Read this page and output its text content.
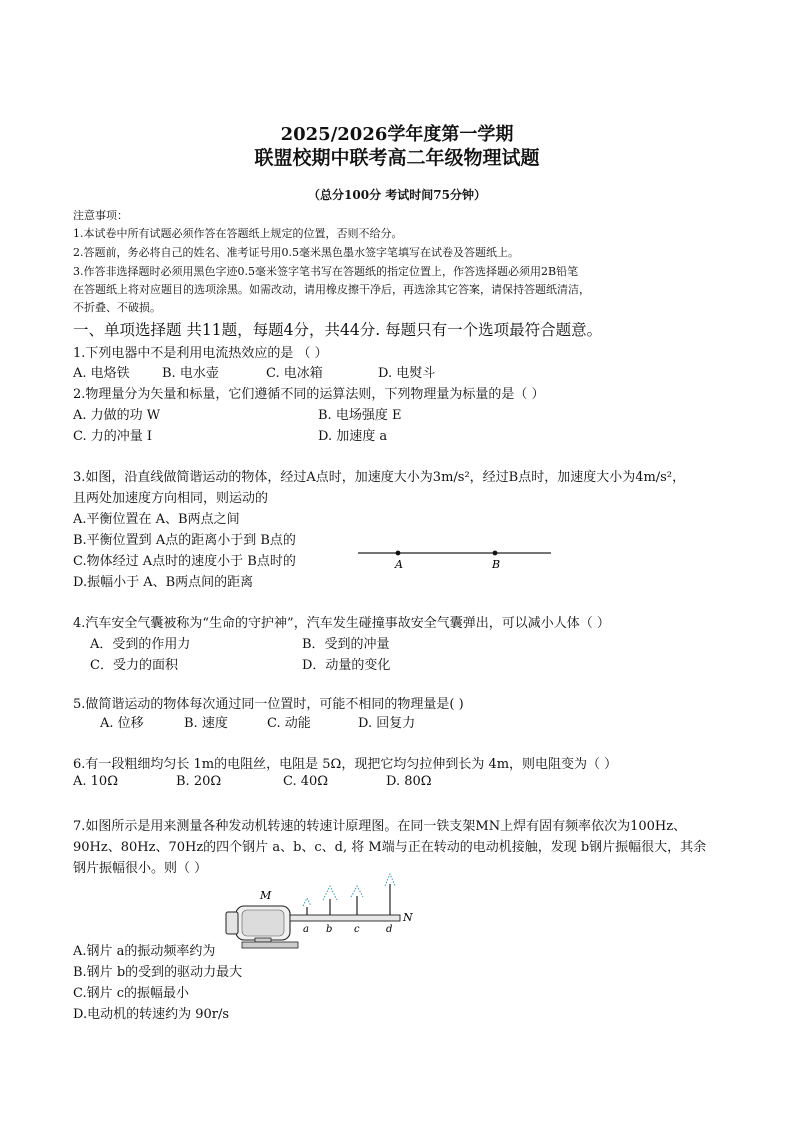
2025/2026学年度第一学期
联盟校期中联考高二年级物理试题
（总分100分 考试时间75分钟）
注意事项：
1.本试卷中所有试题必须作答在答题纸上规定的位置，否则不给分。
2.答题前，务必将自己的姓名、准考证号用0.5毫米黑色墨水签字笔填写在试卷及答题纸上。
3.作答非选择题时必须用黑色字迹0.5毫米签字笔书写在答题纸的指定位置上，作答选择题必须用2B铅笔
在答题纸上将对应题目的选项涂黑。如需改动，请用橡皮擦干净后，再选涂其它答案，请保持答题纸清洁，
不折叠、不破损。
一、单项选择题 共11题，每题4分，共44分. 每题只有一个选项最符合题意。
1.下列电器中不是利用电流热效应的是 （ ）
A. 电烙铁 B. 电水壶	C. 电冰箱	D. 电熨斗
2.物理量分为矢量和标量，它们遵循不同的运算法则，下列物理量为标量的是（ ）
A. 力做的功 W	B. 电场强度 E
C. 力的冲量 I	D. 加速度 a
3.如图，沿直线做简谐运动的物体，经过A点时，加速度大小为3m/s²，经过B点时，加速度大小为4m/s²，
且两处加速度方向相同，则运动的
A.平衡位置在 A、B两点之间
B.平衡位置到 A点的距离小于到 B点的
C.物体经过 A点时的速度小于 B点时的
D.振幅小于 A、B两点间的距离
A	B
4.汽车安全气囊被称为“生命的守护神”，汽车发生碰撞事故安全气囊弹出，可以减小人体（ ）
A．受到的作用力	B．受到的冲量
C．受力的面积	D．动量的变化
5.做简谐运动的物体每次通过同一位置时，可能不相同的物理量是( )
A. 位移	B. 速度	C. 动能	D. 回复力
6.有一段粗细均匀长 1m的电阻丝，电阻是 5Ω，现把它均匀拉伸到长为 4m，则电阻变为（ ）
A. 10Ω	B. 20Ω	C. 40Ω	D. 80Ω
7.如图所示是用来测量各种发动机转速的转速计原理图。在同一铁支架MN上焊有固有频率依次为100Hz、
90Hz、80Hz、70Hz的四个钢片 a、b、c、d, 将 M端与正在转动的电动机接触，发现 b钢片振幅很大，其余
钢片振幅很小。则（ ）
M
N
a b c	d
A.钢片 a的振动频率约为
B.钢片 b的受到的驱动力最大
C.钢片 c的振幅最小
D.电动机的转速约为 90r/s
